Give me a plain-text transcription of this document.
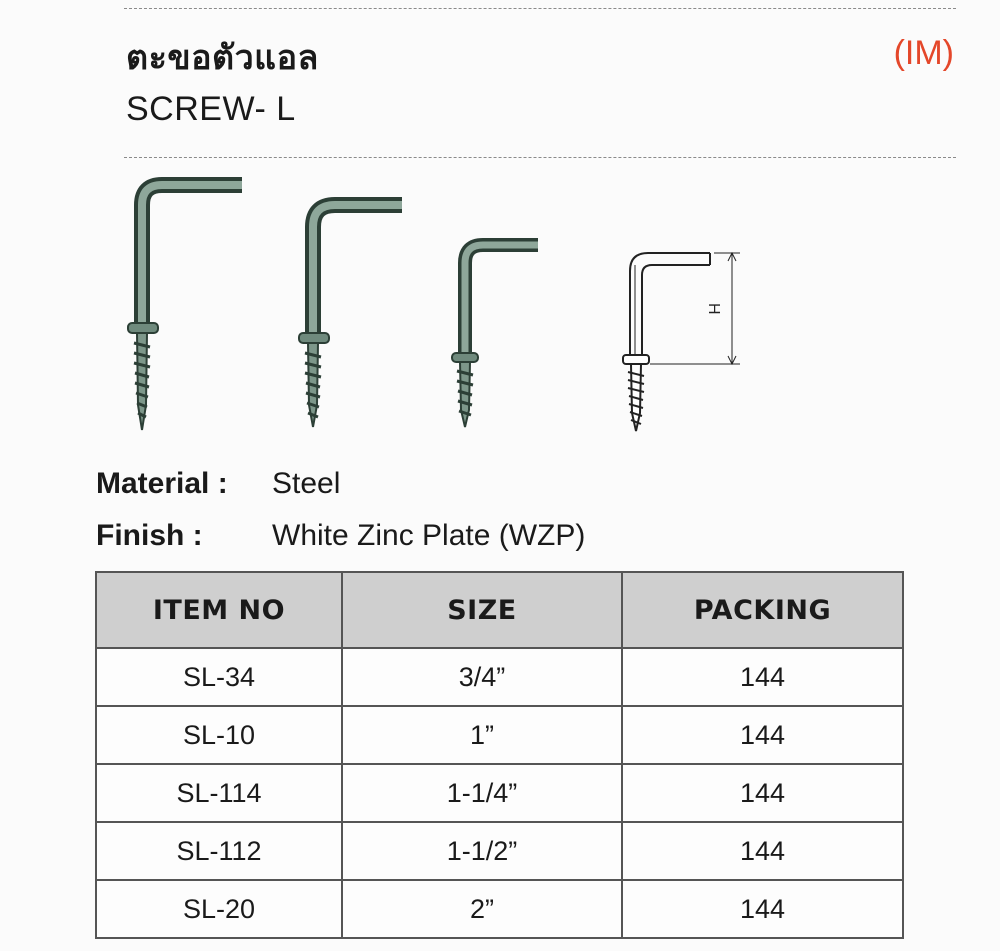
ตะขอตัวแอล	(IM)
SCREW- L
H
Material : Steel
Finish : White Zinc Plate (WZP)
ITEM NO	SIZE	PACKING
SL-34	3/4”	144
SL-10	1”	144
SL-114	1-1/4”	144
SL-112	1-1/2”	144
SL-20	2”	144
